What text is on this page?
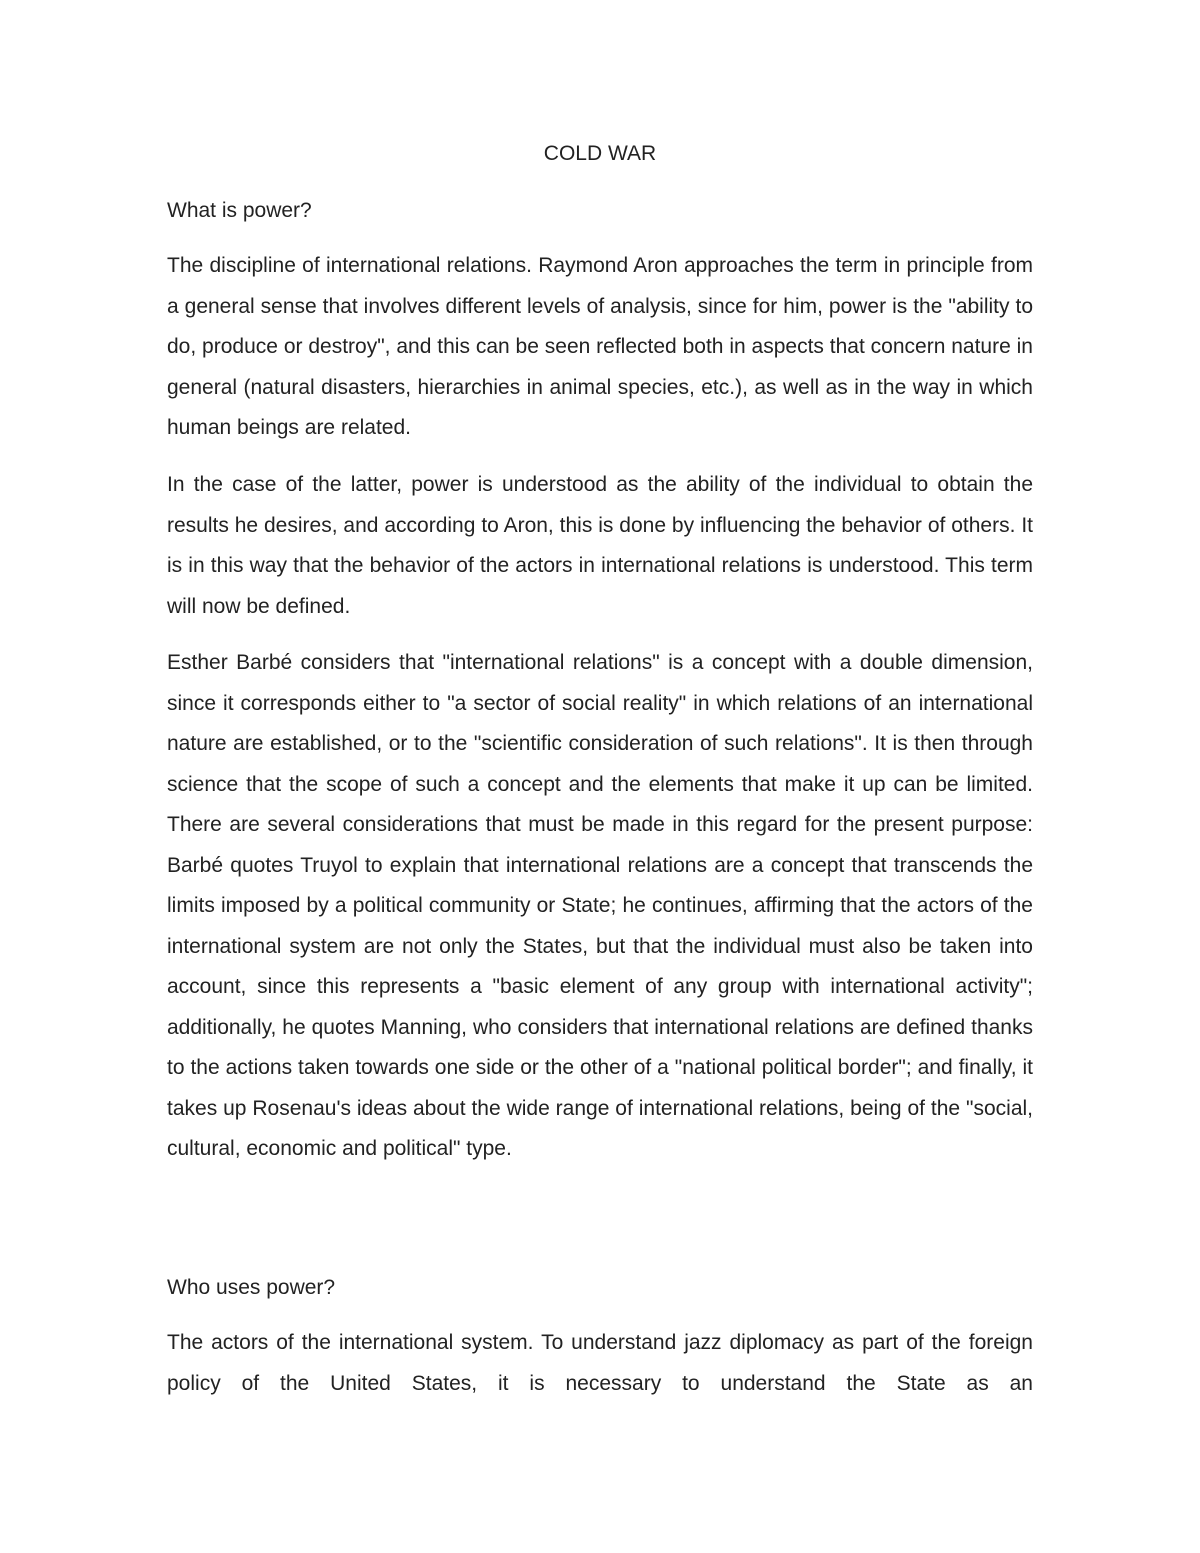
COLD WAR
What is power?

The discipline of international relations. Raymond Aron approaches the term in principle from a general sense that involves different levels of analysis, since for him, power is the "ability to do, produce or destroy", and this can be seen reflected both in aspects that concern nature in general (natural disasters, hierarchies in animal species, etc.), as well as in the way in which human beings are related.

In the case of the latter, power is understood as the ability of the individual to obtain the results he desires, and according to Aron, this is done by influencing the behavior of others. It is in this way that the behavior of the actors in international relations is understood. This term will now be defined.

Esther Barbé considers that "international relations" is a concept with a double dimension, since it corresponds either to "a sector of social reality" in which relations of an international nature are established, or to the "scientific consideration of such relations". It is then through science that the scope of such a concept and the elements that make it up can be limited. There are several considerations that must be made in this regard for the present purpose: Barbé quotes Truyol to explain that international relations are a concept that transcends the limits imposed by a political community or State; he continues, affirming that the actors of the international system are not only the States, but that the individual must also be taken into account, since this represents a "basic element of any group with international activity"; additionally, he quotes Manning, who considers that international relations are defined thanks to the actions taken towards one side or the other of a "national political border"; and finally, it takes up Rosenau's ideas about the wide range of international relations, being of the "social, cultural, economic and political" type.

Who uses power?

The actors of the international system. To understand jazz diplomacy as part of the foreign policy of the United States, it is necessary to understand the State as an
